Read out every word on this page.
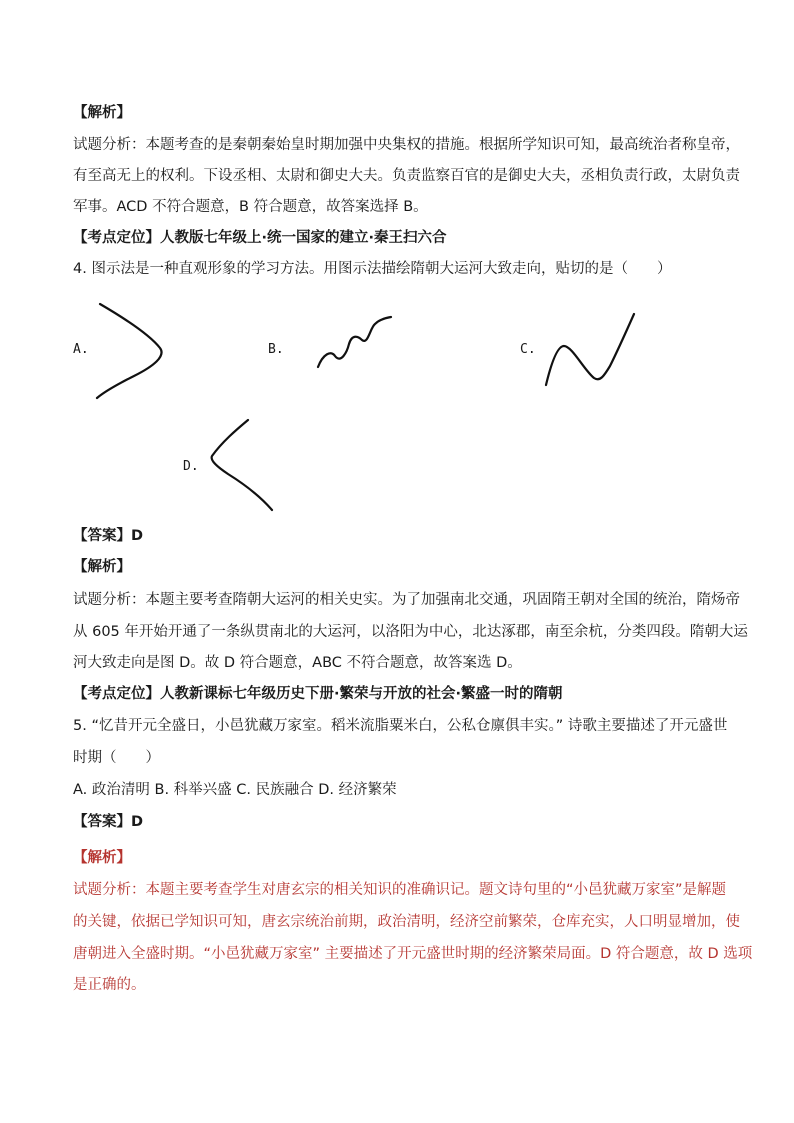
【解析】
试题分析：本题考查的是秦朝秦始皇时期加强中央集权的措施。根据所学知识可知，最高统治者称皇帝，
有至高无上的权利。下设丞相、太尉和御史大夫。负责监察百官的是御史大夫，丞相负责行政，太尉负责
军事。ACD 不符合题意，B 符合题意，故答案选择 B。
【考点定位】人教版七年级上·统一国家的建立·秦王扫六合
4. 图示法是一种直观形象的学习方法。用图示法描绘隋朝大运河大致走向，贴切的是（　　）
A.	B.	C.
D.
【答案】D
【解析】
试题分析：本题主要考查隋朝大运河的相关史实。为了加强南北交通，巩固隋王朝对全国的统治，隋炀帝
从 605 年开始开通了一条纵贯南北的大运河，以洛阳为中心，北达涿郡，南至余杭，分类四段。隋朝大运
河大致走向是图 D。故 D 符合题意，ABC 不符合题意，故答案选 D。
【考点定位】人教新课标七年级历史下册·繁荣与开放的社会·繁盛一时的隋朝
5. “忆昔开元全盛日，小邑犹藏万家室。稻米流脂粟米白，公私仓廪俱丰实。” 诗歌主要描述了开元盛世
时期（　　）
A. 政治清明 B. 科举兴盛 C. 民族融合 D. 经济繁荣
【答案】D
【解析】
试题分析：本题主要考查学生对唐玄宗的相关知识的准确识记。题文诗句里的“小邑犹藏万家室”是解题
的关键，依据已学知识可知，唐玄宗统治前期，政治清明，经济空前繁荣，仓库充实，人口明显增加，使
唐朝进入全盛时期。“小邑犹藏万家室” 主要描述了开元盛世时期的经济繁荣局面。D 符合题意，故 D 选项
是正确的。
